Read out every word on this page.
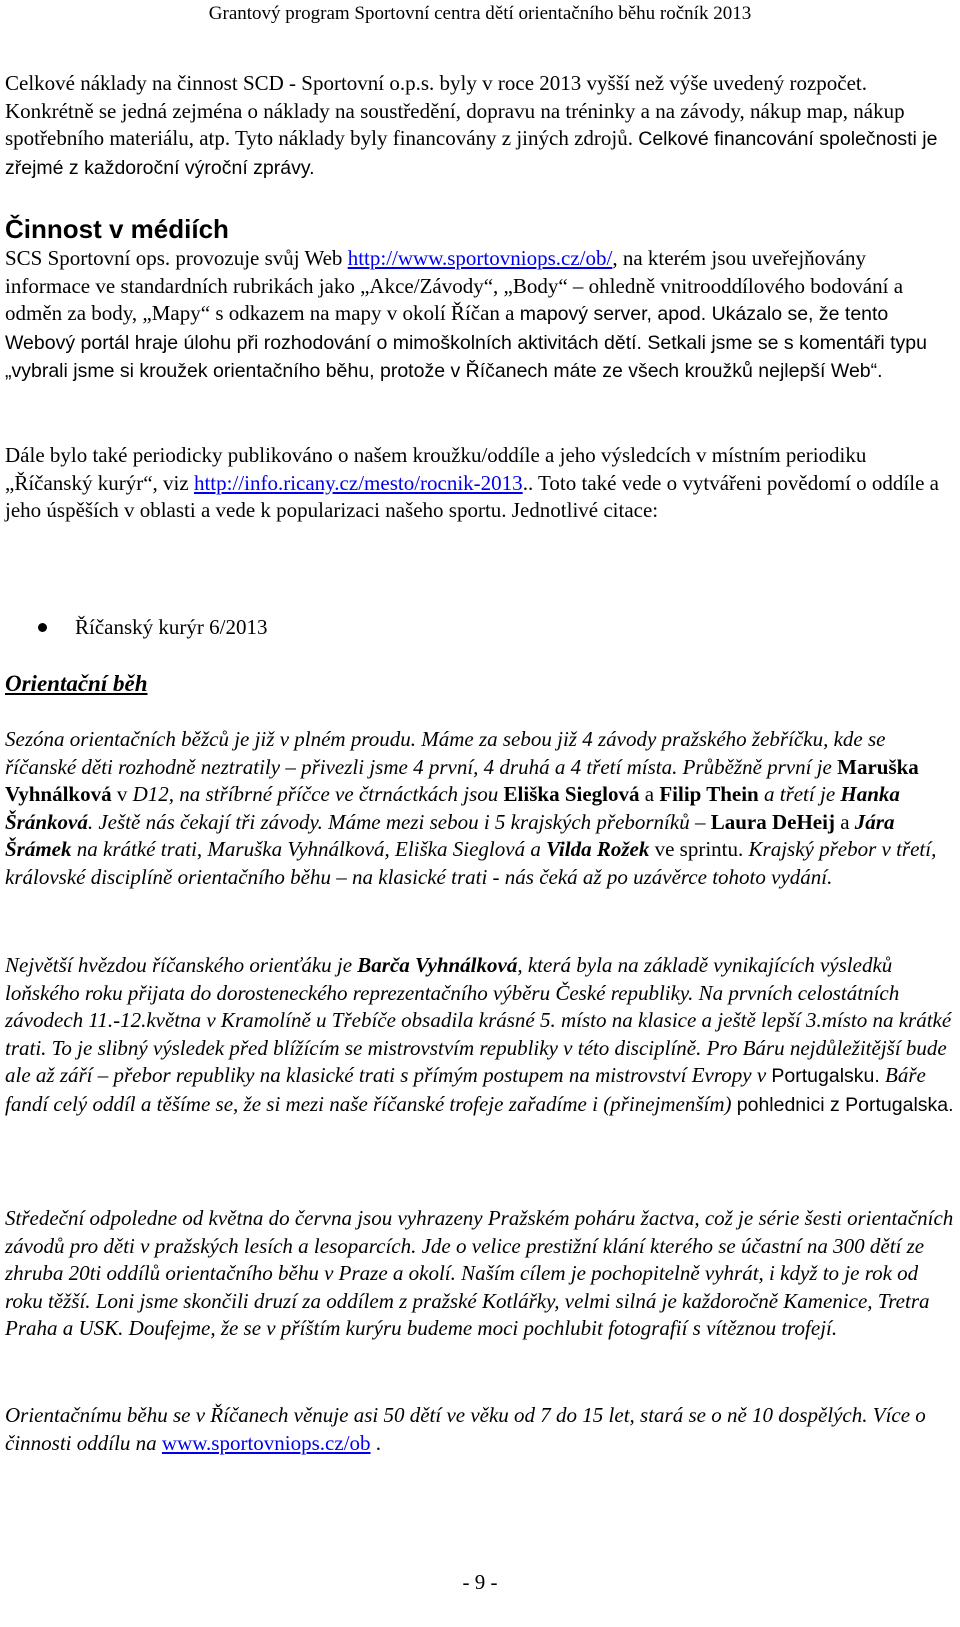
Grantový program Sportovní centra dětí orientačního běhu ročník 2013

Celkové náklady na činnost SCD - Sportovní o.p.s. byly v roce 2013 vyšší než výše uvedený rozpočet. Konkrétně se jedná zejména o náklady na soustředění, dopravu na tréninky a na závody, nákup map, nákup spotřebního materiálu, atp. Tyto náklady byly financovány z jiných zdrojů. Celkové financování společnosti je zřejmé z každoroční výroční zprávy.

Činnost v médiích

SCS Sportovní ops. provozuje svůj Web http://www.sportovniops.cz/ob/, na kterém jsou uveřejňovány informace ve standardních rubrikách jako „Akce/Závody“, „Body“ – ohledně vnitrooddílového bodování a odměn za body, „Mapy“ s odkazem na mapy v okolí Říčan a mapový server, apod. Ukázalo se, že tento Webový portál hraje úlohu při rozhodování o mimoškolních aktivitách dětí. Setkali jsme se s komentáři typu „vybrali jsme si kroužek orientačního běhu, protože v Říčanech máte ze všech kroužků nejlepší Web“.

Dále bylo také periodicky publikováno o našem kroužku/oddíle a jeho výsledcích v místním periodiku „Říčanský kurýr“, viz http://info.ricany.cz/mesto/rocnik-2013.. Toto také vede o vytvářeni povědomí o oddíle a jeho úspěších v oblasti a vede k popularizaci našeho sportu. Jednotlivé citace:

Říčanský kurýr 6/2013
Orientační běh

Sezóna orientačních běžců je již v plném proudu. Máme za sebou již 4 závody pražského žebříčku, kde se říčanské děti rozhodně neztratily – přivezli jsme 4 první, 4 druhá a 4 třetí místa. Průběžně první je Maruška Vyhnálková v D12, na stříbrné příčce ve čtrnáctkách jsou Eliška Sieglová a Filip Thein a třetí je Hanka Šránková. Ještě nás čekají tři závody. Máme mezi sebou i 5 krajských přeborníků – Laura DeHeij a Jára Šrámek na krátké trati, Maruška Vyhnálková, Eliška Sieglová a Vilda Rožek ve sprintu. Krajský přebor v třetí, královské disciplíně orientačního běhu – na klasické trati - nás čeká až po uzávěrce tohoto vydání.

Největší hvězdou říčanského orienťáku je Barča Vyhnálková, která byla na základě vynikajících výsledků loňského roku přijata do dorosteneckého reprezentačního výběru České republiky. Na prvních celostátních závodech 11.-12.května v Kramolíně u Třebíče obsadila krásné 5. místo na klasice a ještě lepší 3.místo na krátké trati. To je slibný výsledek před blížícím se mistrovstvím republiky v této disciplíně. Pro Báru nejdůležitější bude ale až září – přebor republiky na klasické trati s přímým postupem na mistrovství Evropy v Portugalsku. Báře fandí celý oddíl a těšíme se, že si mezi naše říčanské trofeje zařadíme i (přinejmenším) pohlednici z Portugalska.

Středeční odpoledne od května do června jsou vyhrazeny Pražském poháru žactva, což je série šesti orientačních závodů pro děti v pražských lesích a lesoparcích. Jde o velice prestižní klání kterého se účastní na 300 dětí ze zhruba 20ti oddílů orientačního běhu v Praze a okolí. Naším cílem je pochopitelně vyhrát, i když to je rok od roku těžší. Loni jsme skončili druzí za oddílem z pražské Kotlářky, velmi silná je každoročně Kamenice, Tretra Praha a USK. Doufejme, že se v příštím kurýru budeme moci pochlubit fotografií s vítěznou trofejí.

Orientačnímu běhu se v Říčanech věnuje asi 50 dětí ve věku od 7 do 15 let, stará se o ně 10 dospělých. Více o činnosti oddílu na www.sportovniops.cz/ob .

- 9 -
